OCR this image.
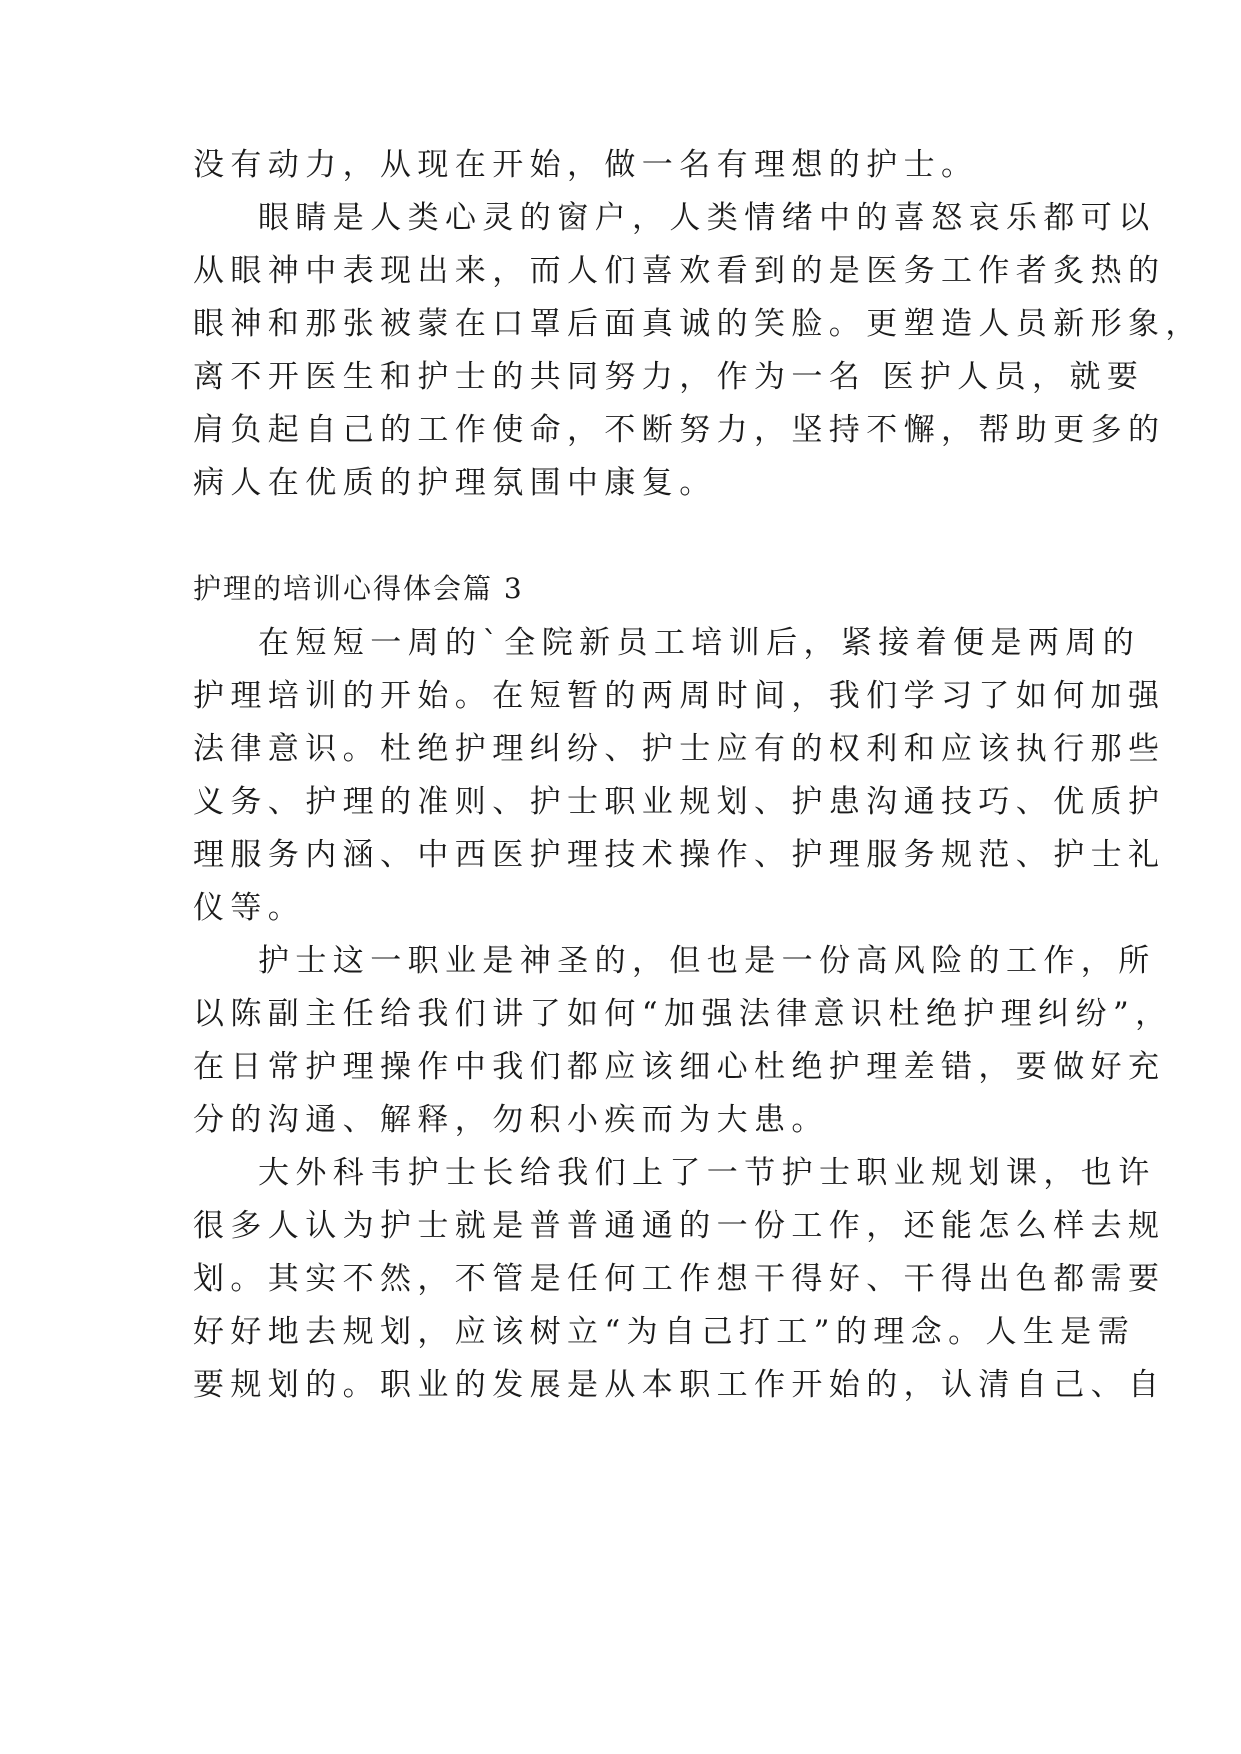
没有动力，从现在开始，做一名有理想的护士。
眼睛是人类心灵的窗户，人类情绪中的喜怒哀乐都可以
从眼神中表现出来，而人们喜欢看到的是医务工作者炙热的
眼神和那张被蒙在口罩后面真诚的笑脸。更塑造人员新形象，
离不开医生和护士的共同努力，作为一名 医护人员，就要
肩负起自己的工作使命，不断努力，坚持不懈，帮助更多的
病人在优质的护理氛围中康复。
护理的培训心得体会篇 3
在短短一周的`全院新员工培训后，紧接着便是两周的
护理培训的开始。在短暂的两周时间，我们学习了如何加强
法律意识。杜绝护理纠纷、护士应有的权利和应该执行那些
义务、护理的准则、护士职业规划、护患沟通技巧、优质护
理服务内涵、中西医护理技术操作、护理服务规范、护士礼
仪等。
护士这一职业是神圣的，但也是一份高风险的工作，所
以陈副主任给我们讲了如何“加强法律意识杜绝护理纠纷”，
在日常护理操作中我们都应该细心杜绝护理差错，要做好充
分的沟通、解释，勿积小疾而为大患。
大外科韦护士长给我们上了一节护士职业规划课，也许
很多人认为护士就是普普通通的一份工作，还能怎么样去规
划。其实不然，不管是任何工作想干得好、干得出色都需要
好好地去规划，应该树立“为自己打工”的理念。人生是需
要规划的。职业的发展是从本职工作开始的，认清自己、自
